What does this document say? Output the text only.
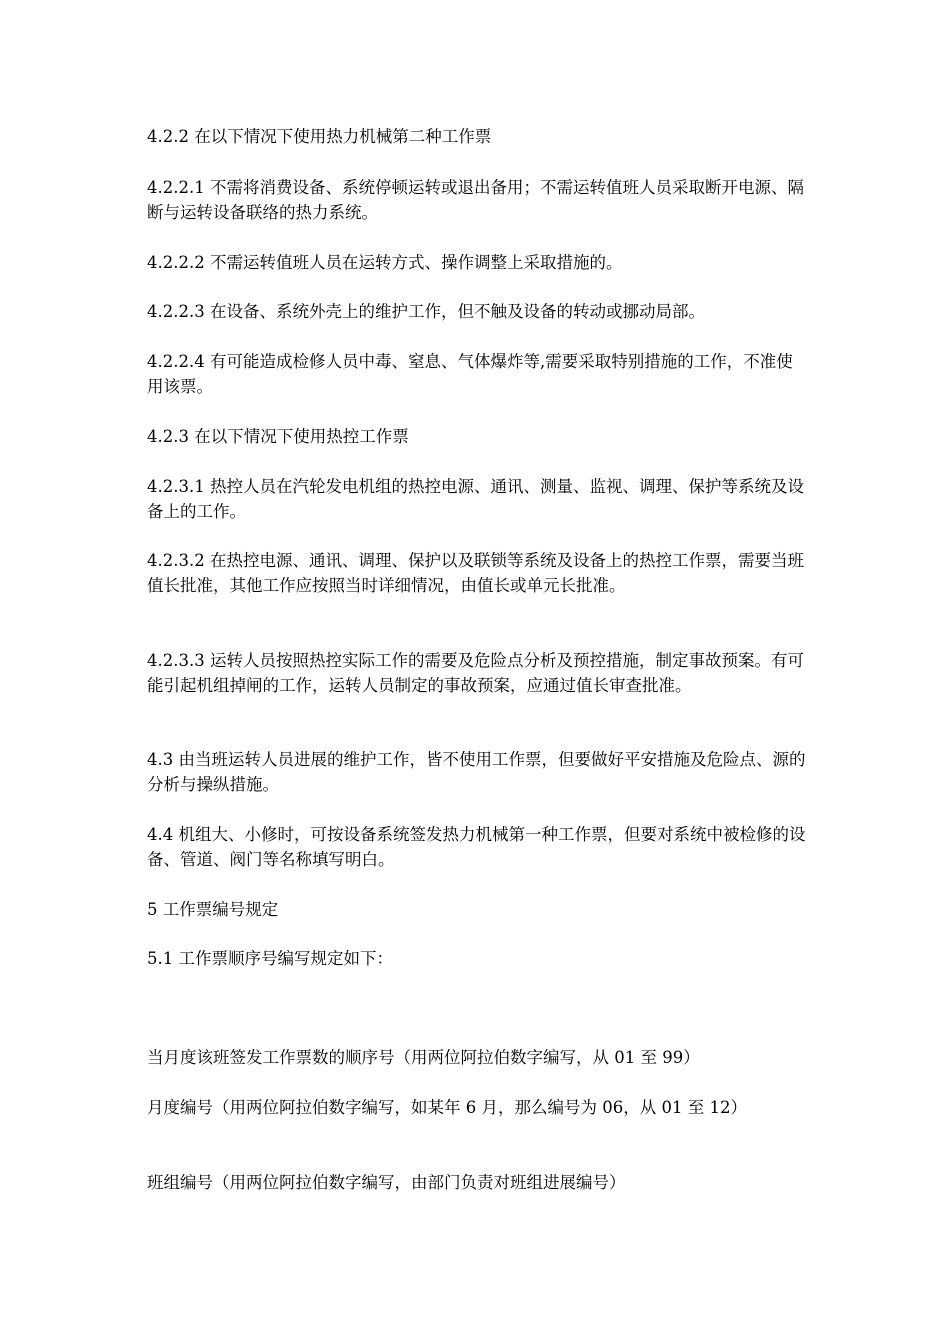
4.2.2 在以下情况下使用热力机械第二种工作票

4.2.2.1 不需将消费设备、系统停顿运转或退出备用；不需运转值班人员采取断开电源、隔断与运转设备联络的热力系统。

4.2.2.2 不需运转值班人员在运转方式、操作调整上采取措施的。

4.2.2.3 在设备、系统外壳上的维护工作，但不触及设备的转动或挪动局部。

4.2.2.4 有可能造成检修人员中毒、窒息、气体爆炸等,需要采取特别措施的工作，不准使用该票。

4.2.3 在以下情况下使用热控工作票

4.2.3.1 热控人员在汽轮发电机组的热控电源、通讯、测量、监视、调理、保护等系统及设备上的工作。

4.2.3.2 在热控电源、通讯、调理、保护以及联锁等系统及设备上的热控工作票，需要当班值长批准，其他工作应按照当时详细情况，由值长或单元长批准。

4.2.3.3 运转人员按照热控实际工作的需要及危险点分析及预控措施，制定事故预案。有可能引起机组掉闸的工作，运转人员制定的事故预案，应通过值长审查批准。

4.3 由当班运转人员进展的维护工作，皆不使用工作票，但要做好平安措施及危险点、源的分析与操纵措施。

4.4 机组大、小修时，可按设备系统签发热力机械第一种工作票，但要对系统中被检修的设备、管道、阀门等名称填写明白。

5 工作票编号规定

5.1 工作票顺序号编写规定如下：

当月度该班签发工作票数的顺序号（用两位阿拉伯数字编写，从 01 至 99）

月度编号（用两位阿拉伯数字编写，如某年 6 月，那么编号为 06，从 01 至 12）

班组编号（用两位阿拉伯数字编写，由部门负责对班组进展编号）
